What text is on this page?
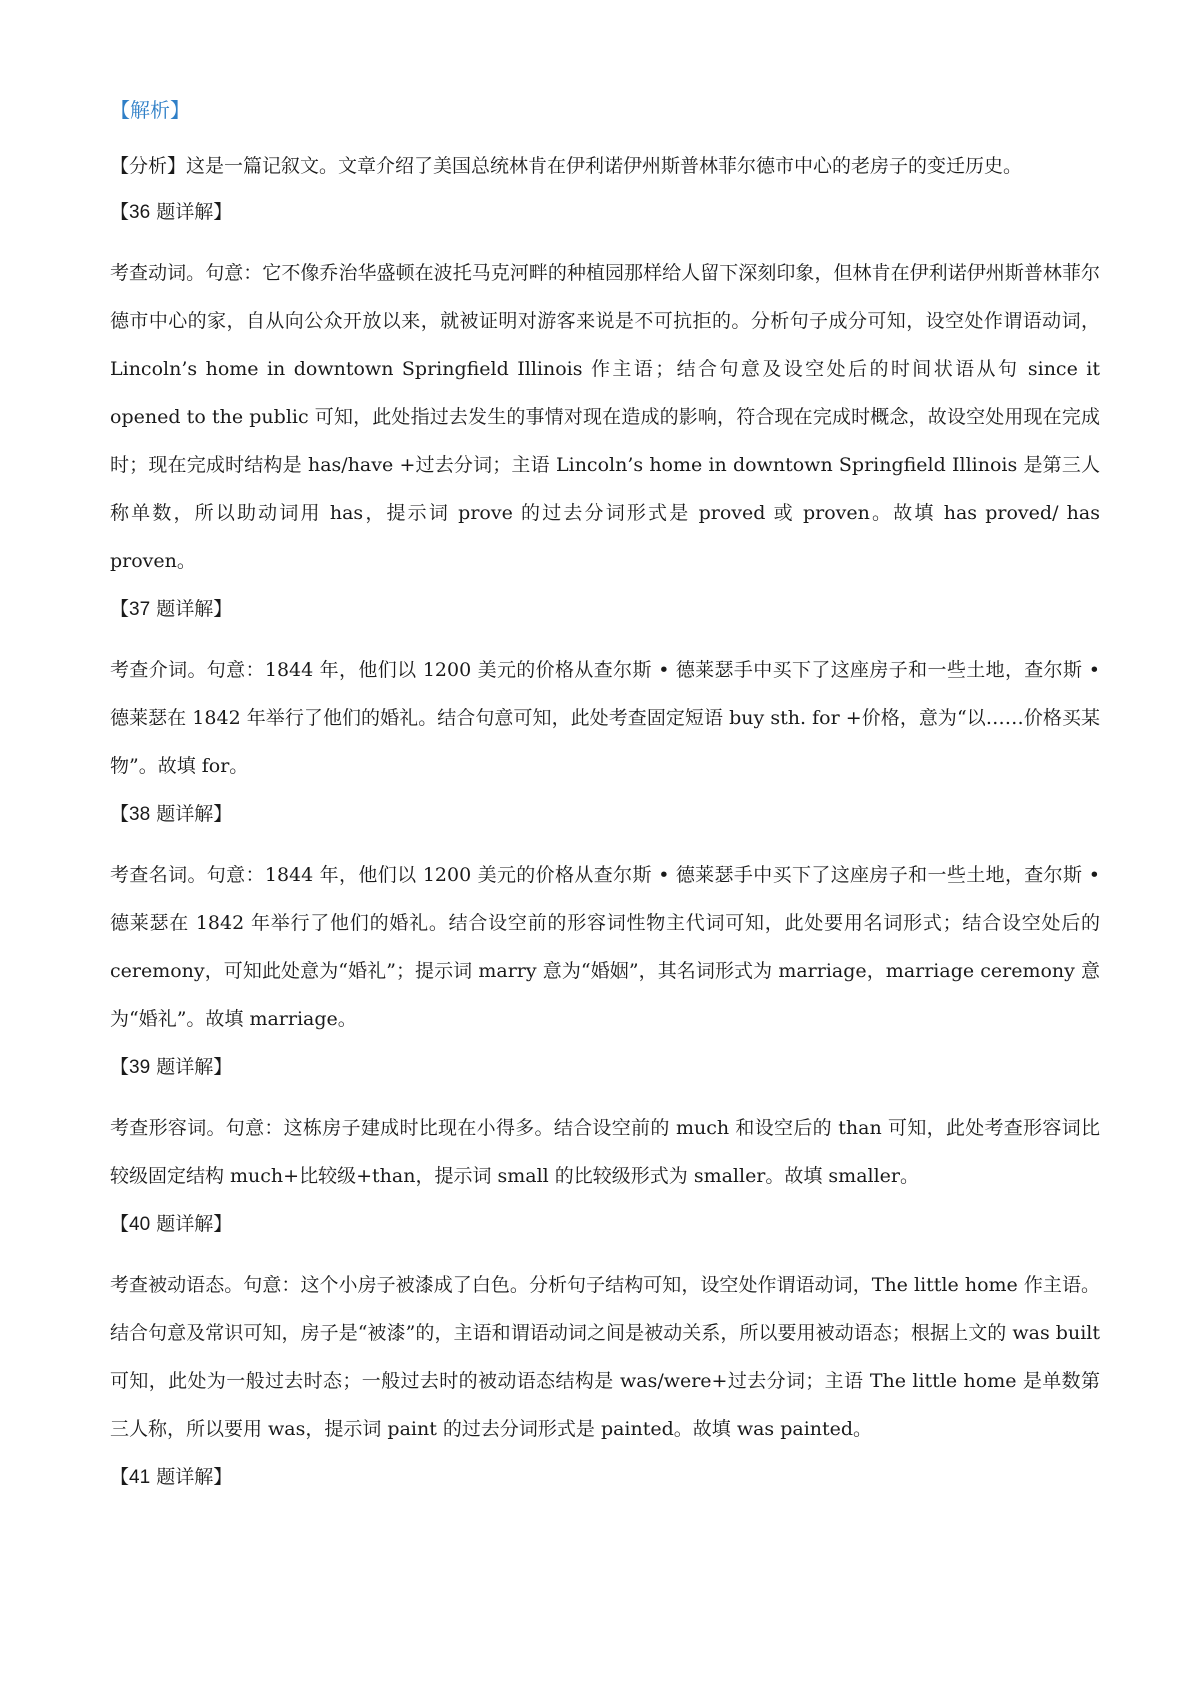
【解析】
【分析】这是一篇记叙文。文章介绍了美国总统林肯在伊利诺伊州斯普林菲尔德市中心的老房子的变迁历史。
【36 题详解】
考查动词。句意：它不像乔治华盛顿在波托马克河畔的种植园那样给人留下深刻印象，但林肯在伊利诺伊州斯普林菲尔德市中心的家，自从向公众开放以来，就被证明对游客来说是不可抗拒的。分析句子成分可知，设空处作谓语动词，Lincoln’s home in downtown Springfield Illinois 作主语；结合句意及设空处后的时间状语从句 since it opened to the public 可知，此处指过去发生的事情对现在造成的影响，符合现在完成时概念，故设空处用现在完成时；现在完成时结构是 has/have +过去分词；主语 Lincoln’s home in downtown Springfield Illinois 是第三人称单数，所以助动词用 has，提示词 prove 的过去分词形式是 proved 或 proven。故填 has proved/ has proven。
【37 题详解】
考查介词。句意：1844 年，他们以 1200 美元的价格从查尔斯 • 德莱瑟手中买下了这座房子和一些土地，查尔斯 • 德莱瑟在 1842 年举行了他们的婚礼。结合句意可知，此处考查固定短语 buy sth. for +价格，意为“以……价格买某物”。故填 for。
【38 题详解】
考查名词。句意：1844 年，他们以 1200 美元的价格从查尔斯 • 德莱瑟手中买下了这座房子和一些土地，查尔斯 • 德莱瑟在 1842 年举行了他们的婚礼。结合设空前的形容词性物主代词可知，此处要用名词形式；结合设空处后的 ceremony，可知此处意为“婚礼”；提示词 marry 意为“婚姻”，其名词形式为 marriage，marriage ceremony 意为“婚礼”。故填 marriage。
【39 题详解】
考查形容词。句意：这栋房子建成时比现在小得多。结合设空前的 much 和设空后的 than 可知，此处考查形容词比较级固定结构 much+比较级+than，提示词 small 的比较级形式为 smaller。故填 smaller。
【40 题详解】
考查被动语态。句意：这个小房子被漆成了白色。分析句子结构可知，设空处作谓语动词，The little home 作主语。结合句意及常识可知，房子是“被漆”的，主语和谓语动词之间是被动关系，所以要用被动语态；根据上文的 was built 可知，此处为一般过去时态；一般过去时的被动语态结构是 was/were+过去分词；主语 The little home 是单数第三人称，所以要用 was，提示词 paint 的过去分词形式是 painted。故填 was painted。
【41 题详解】
